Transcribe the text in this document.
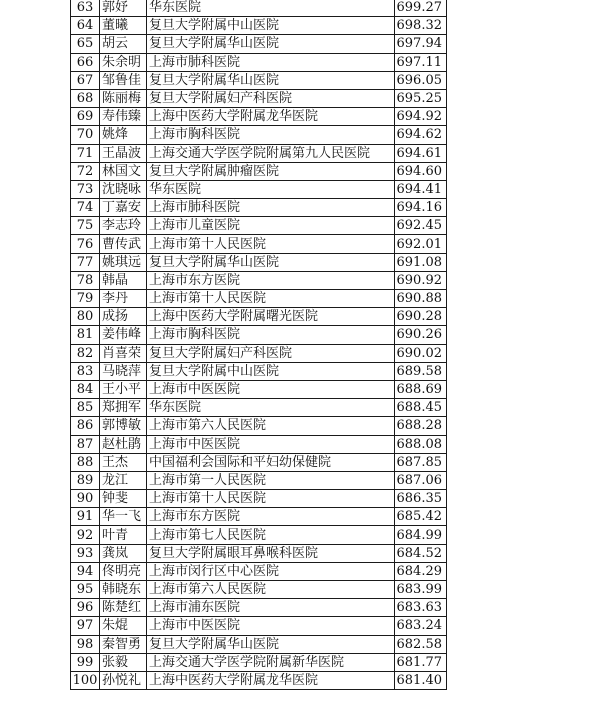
63	郭妤	华东医院	699.27
64	董曦	复旦大学附属中山医院	698.32
65	胡云	复旦大学附属华山医院	697.94
66	朱余明	上海市肺科医院	697.11
67	邹鲁佳	复旦大学附属华山医院	696.05
68	陈丽梅	复旦大学附属妇产科医院	695.25
69	寿伟臻	上海中医药大学附属龙华医院	694.92
70	姚烽	上海市胸科医院	694.62
71	王晶波	上海交通大学医学院附属第九人民医院	694.61
72	林国文	复旦大学附属肿瘤医院	694.60
73	沈晓咏	华东医院	694.41
74	丁嘉安	上海市肺科医院	694.16
75	李志玲	上海市儿童医院	692.45
76	曹传武	上海市第十人民医院	692.01
77	姚琪远	复旦大学附属华山医院	691.08
78	韩晶	上海市东方医院	690.92
79	李丹	上海市第十人民医院	690.88
80	成扬	上海中医药大学附属曙光医院	690.28
81	姜伟峰	上海市胸科医院	690.26
82	肖喜荣	复旦大学附属妇产科医院	690.02
83	马晓萍	复旦大学附属中山医院	689.58
84	王小平	上海市中医医院	688.69
85	郑拥军	华东医院	688.45
86	郭博敏	上海市第六人民医院	688.28
87	赵杜鹃	上海市中医医院	688.08
88	王杰	中国福利会国际和平妇幼保健院	687.85
89	龙江	上海市第一人民医院	687.06
90	钟斐	上海市第十人民医院	686.35
91	华一飞	上海市东方医院	685.42
92	叶青	上海市第七人民医院	684.99
93	龚岚	复旦大学附属眼耳鼻喉科医院	684.52
94	佟明亮	上海市闵行区中心医院	684.29
95	韩晓东	上海市第六人民医院	683.99
96	陈楚红	上海市浦东医院	683.63
97	朱焜	上海市中医医院	683.24
98	秦智勇	复旦大学附属华山医院	682.58
99	张毅	上海交通大学医学院附属新华医院	681.77
100	孙悦礼	上海中医药大学附属龙华医院	681.40
